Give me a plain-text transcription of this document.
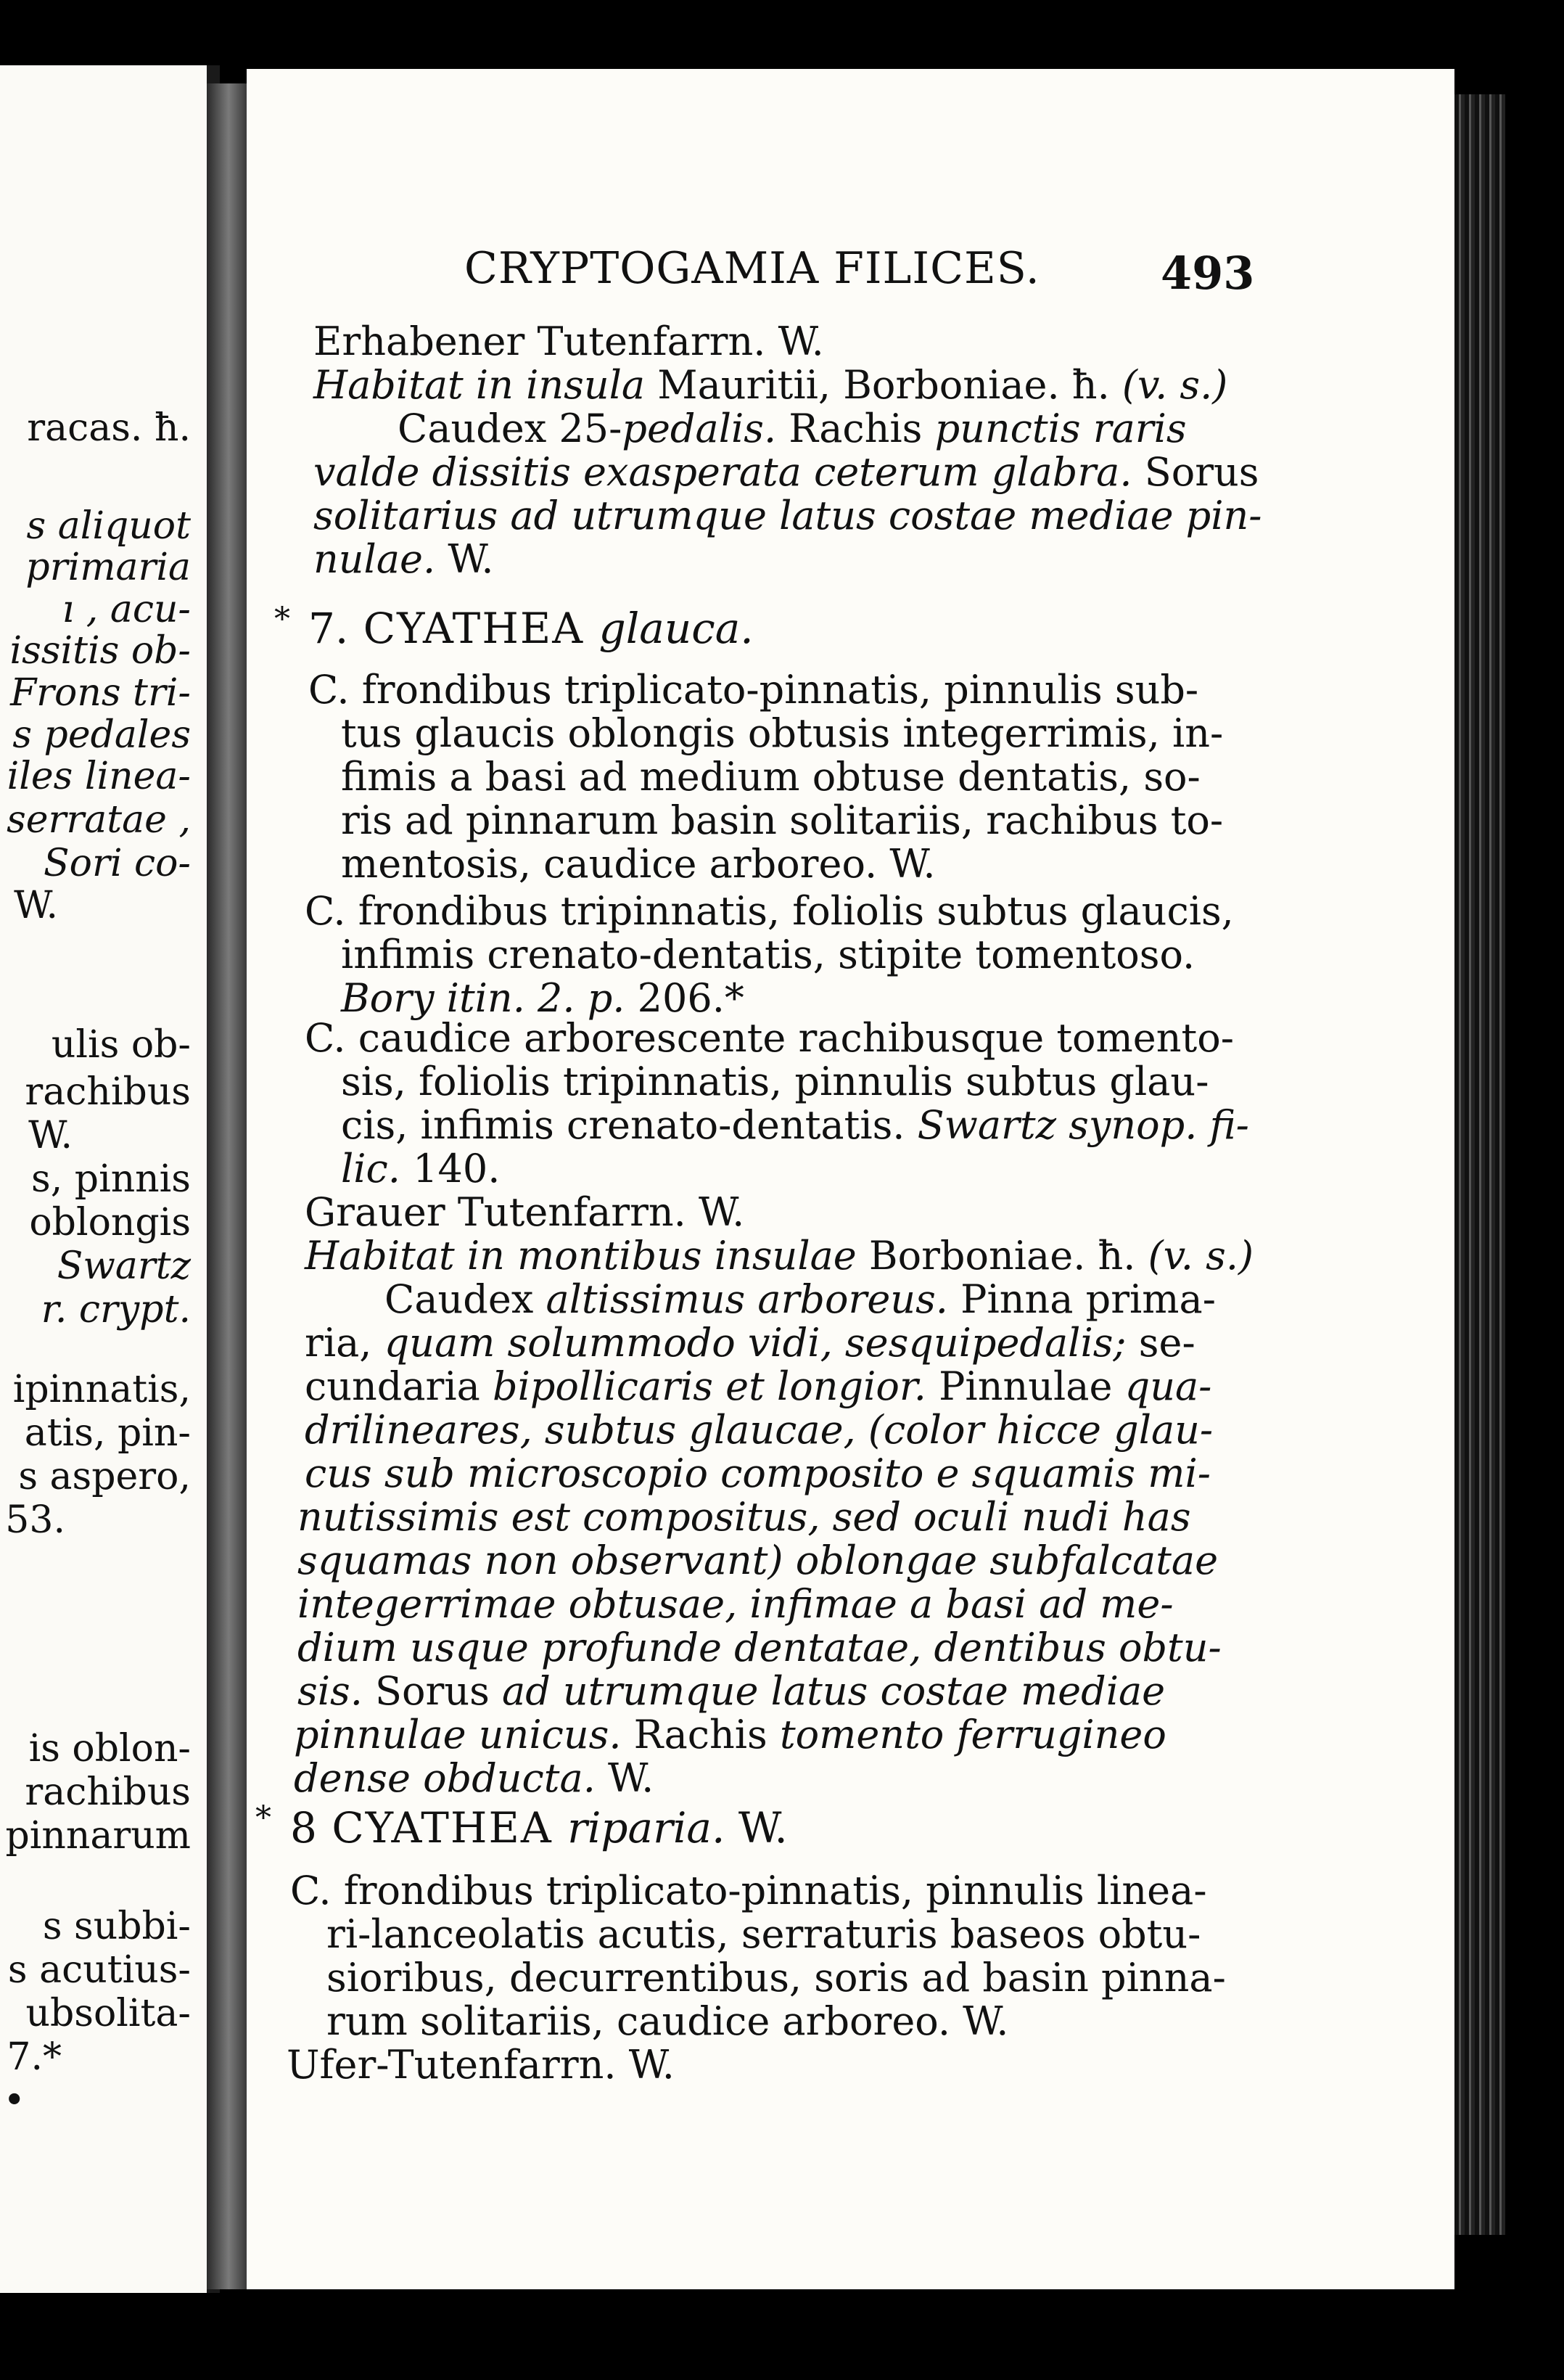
racas. ħ.
s aliquot
primaria
ı , acu-
issitis ob-
Frons tri-
s pedales
iles linea-
serratae ,
Sori co-
W.
ulis ob-
rachibus
W.
s, pinnis
oblongis
Swartz
r. crypt.
ipinnatis,
atis, pin-
s aspero,
53.
is oblon-
rachibus
pinnarum
s subbi-
s acutius-
ubsolita-
7.*
•
CRYPTOGAMIA FILICES.	493
Erhabener Tutenfarrn. W.
Habitat in insula Mauritii, Borboniae. ħ. (v. s.)
Caudex 25-pedalis. Rachis punctis raris
valde dissitis exasperata ceterum glabra. Sorus
solitarius ad utrumque latus costae mediae pin-
nulae. W.
* 7. CYATHEA glauca.
C. frondibus triplicato-pinnatis, pinnulis sub-
tus glaucis oblongis obtusis integerrimis, in-
fimis a basi ad medium obtuse dentatis, so-
ris ad pinnarum basin solitariis, rachibus to-
mentosis, caudice arboreo. W.
C. frondibus tripinnatis, foliolis subtus glaucis,
infimis crenato-dentatis, stipite tomentoso.
Bory itin. 2. p. 206.*
C. caudice arborescente rachibusque tomento-
sis, foliolis tripinnatis, pinnulis subtus glau-
cis, infimis crenato-dentatis. Swartz synop. fi-
lic. 140.
Grauer Tutenfarrn. W.
Habitat in montibus insulae Borboniae. ħ. (v. s.)
Caudex altissimus arboreus. Pinna prima-
ria, quam solummodo vidi, sesquipedalis; se-
cundaria bipollicaris et longior. Pinnulae qua-
drilineares, subtus glaucae, (color hicce glau-
cus sub microscopio composito e squamis mi-
nutissimis est compositus, sed oculi nudi has
squamas non observant) oblongae subfalcatae
integerrimae obtusae, infimae a basi ad me-
dium usque profunde dentatae, dentibus obtu-
sis. Sorus ad utrumque latus costae mediae
pinnulae unicus. Rachis tomento ferrugineo
dense obducta. W.
* 8 CYATHEA riparia. W.
C. frondibus triplicato-pinnatis, pinnulis linea-
ri-lanceolatis acutis, serraturis baseos obtu-
sioribus, decurrentibus, soris ad basin pinna-
rum solitariis, caudice arboreo. W.
Ufer-Tutenfarrn. W.
